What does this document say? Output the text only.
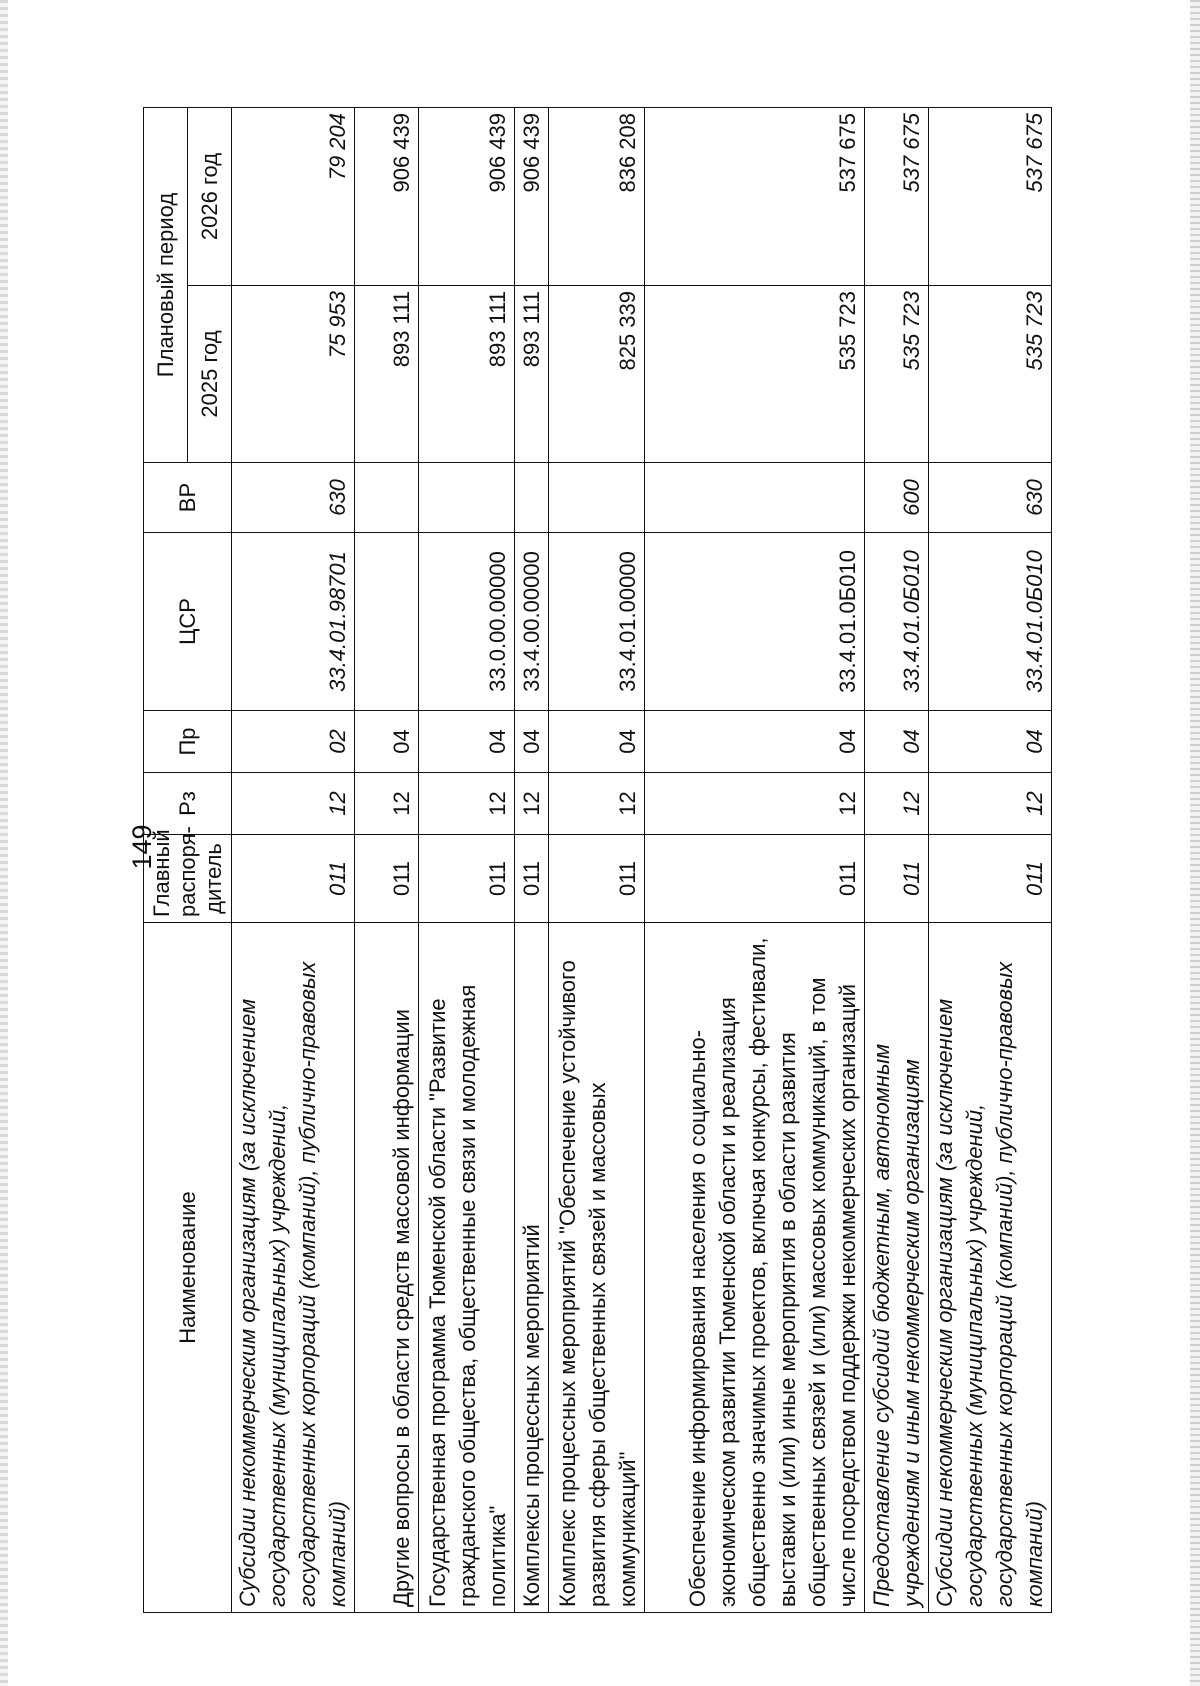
149
Наименование	Главный распоря-дитель	Рз	Пр	ЦСР	ВР	Плановый период	
						2025 год	2026 год
Субсидии некоммерческим организациям (за исключением государственных (муниципальных) учреждений, государственных корпораций (компаний), публично-правовых компаний)	011	12	02	33.4.01.98701	630	75 953	79 204
Другие вопросы в области средств массовой информации	011	12	04			893 111	906 439
Государственная программа Тюменской области "Развитие гражданского общества, общественные связи и молодежная политика"	011	12	04	33.0.00.00000		893 111	906 439
Комплексы процессных мероприятий	011	12	04	33.4.00.00000		893 111	906 439
Комплекс процессных мероприятий "Обеспечение устойчивого развития сферы общественных связей и массовых коммуникаций"	011	12	04	33.4.01.00000		825 339	836 208
Обеспечение информирования населения о социально-экономическом развитии Тюменской области и реализация общественно значимых проектов, включая конкурсы, фестивали, выставки и (или) иные мероприятия в области развития общественных связей и (или) массовых коммуникаций, в том числе посредством поддержки некоммерческих организаций	011	12	04	33.4.01.0Б010		535 723	537 675
Предоставление субсидий бюджетным, автономным учреждениям и иным некоммерческим организациям	011	12	04	33.4.01.0Б010	600	535 723	537 675
Субсидии некоммерческим организациям (за исключением государственных (муниципальных) учреждений, государственных корпораций (компаний), публично-правовых компаний)	011	12	04	33.4.01.0Б010	630	535 723	537 675
